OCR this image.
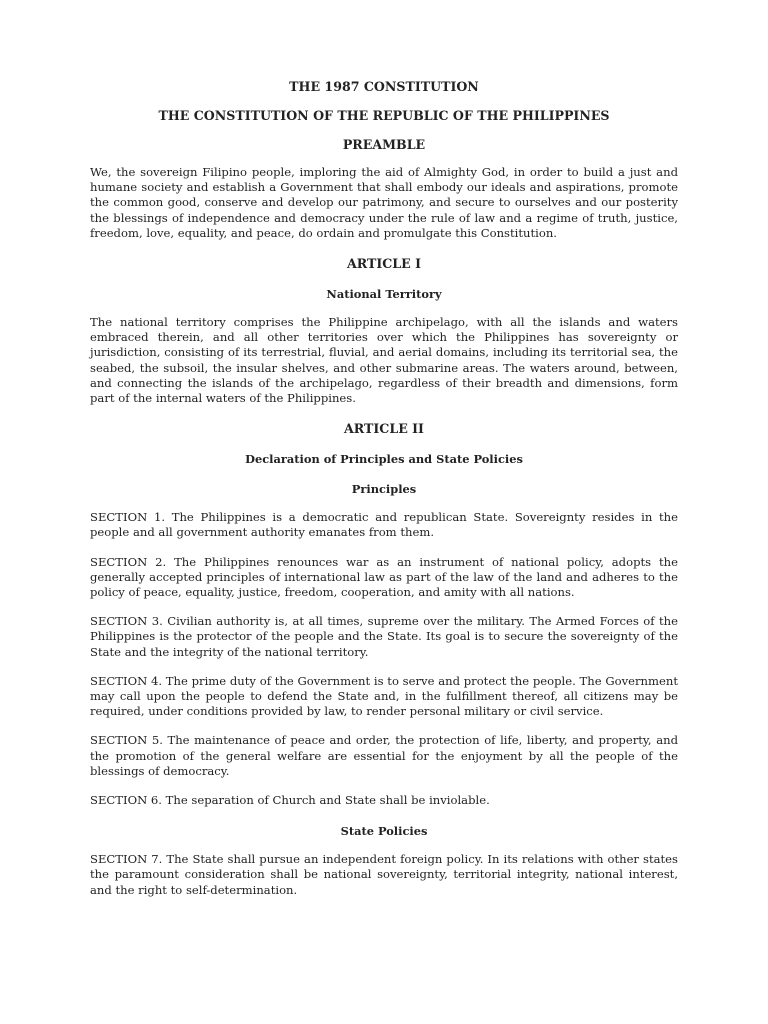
THE 1987 CONSTITUTION
THE CONSTITUTION OF THE REPUBLIC OF THE PHILIPPINES
PREAMBLE

We, the sovereign Filipino people, imploring the aid of Almighty God, in order to build a just and humane society and establish a Government that shall embody our ideals and aspirations, promote the common good, conserve and develop our patrimony, and secure to ourselves and our posterity the blessings of independence and democracy under the rule of law and a regime of truth, justice, freedom, love, equality, and peace, do ordain and promulgate this Constitution.

ARTICLE I
National Territory

The national territory comprises the Philippine archipelago, with all the islands and waters embraced therein, and all other territories over which the Philippines has sovereignty or jurisdiction, consisting of its terrestrial, fluvial, and aerial domains, including its territorial sea, the seabed, the subsoil, the insular shelves, and other submarine areas. The waters around, between, and connecting the islands of the archipelago, regardless of their breadth and dimensions, form part of the internal waters of the Philippines.

ARTICLE II
Declaration of Principles and State Policies
Principles

SECTION 1. The Philippines is a democratic and republican State. Sovereignty resides in the people and all government authority emanates from them.

SECTION 2. The Philippines renounces war as an instrument of national policy, adopts the generally accepted principles of international law as part of the law of the land and adheres to the policy of peace, equality, justice, freedom, cooperation, and amity with all nations.

SECTION 3. Civilian authority is, at all times, supreme over the military. The Armed Forces of the Philippines is the protector of the people and the State. Its goal is to secure the sovereignty of the State and the integrity of the national territory.

SECTION 4. The prime duty of the Government is to serve and protect the people. The Government may call upon the people to defend the State and, in the fulfillment thereof, all citizens may be required, under conditions provided by law, to render personal military or civil service.

SECTION 5. The maintenance of peace and order, the protection of life, liberty, and property, and the promotion of the general welfare are essential for the enjoyment by all the people of the blessings of democracy.

SECTION 6. The separation of Church and State shall be inviolable.

State Policies

SECTION 7. The State shall pursue an independent foreign policy. In its relations with other states the paramount consideration shall be national sovereignty, territorial integrity, national interest, and the right to self-determination.
